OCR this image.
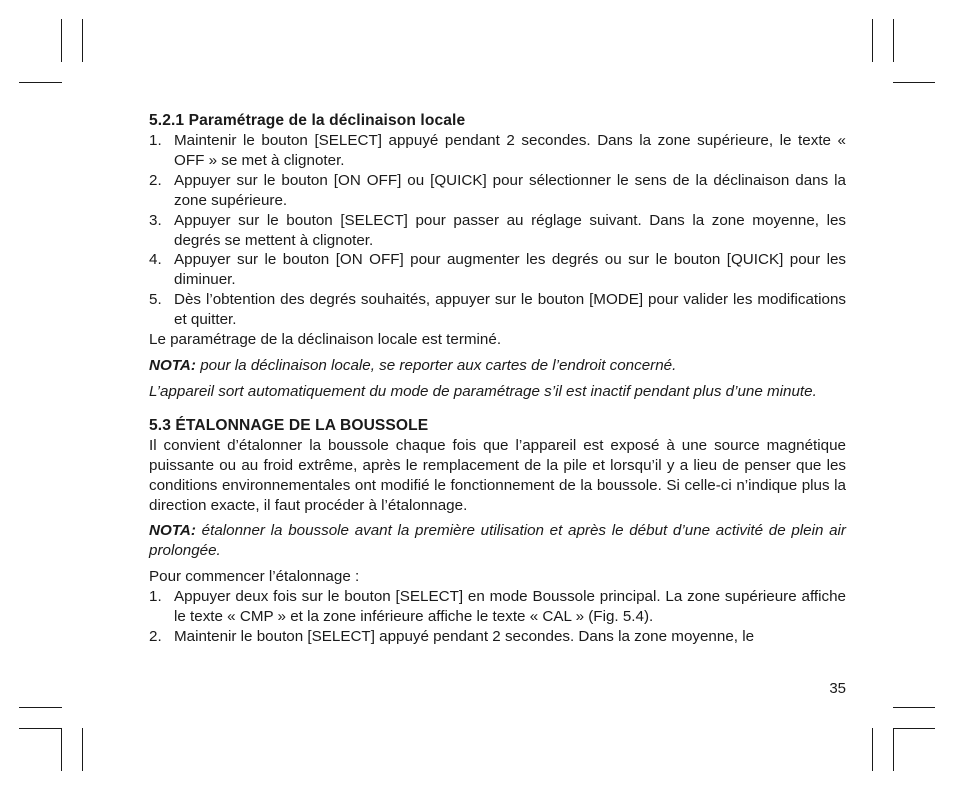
5.2.1 Paramétrage de la déclinaison locale
1. Maintenir le bouton [SELECT] appuyé pendant 2 secondes. Dans la zone supérieure, le texte « OFF » se met à clignoter.
2. Appuyer sur le bouton [ON OFF] ou [QUICK] pour sélectionner le sens de la déclinaison dans la zone supérieure.
3. Appuyer sur le bouton [SELECT] pour passer au réglage suivant. Dans la zone moyenne, les degrés se mettent à clignoter.
4. Appuyer sur le bouton [ON OFF] pour augmenter les degrés ou sur le bouton [QUICK] pour les diminuer.
5. Dès l’obtention des degrés souhaités, appuyer sur le bouton [MODE] pour valider les modifications et quitter.

Le paramétrage de la déclinaison locale est terminé.

NOTA: pour la déclinaison locale, se reporter aux cartes de l’endroit concerné.

L’appareil sort automatiquement du mode de paramétrage s’il est inactif pendant plus d’une minute.

5.3 ÉTALONNAGE DE LA BOUSSOLE

Il convient d’étalonner la boussole chaque fois que l’appareil est exposé à une source magnétique puissante ou au froid extrême, après le remplacement de la pile et lorsqu’il y a lieu de penser que les conditions environnementales ont modifié le fonctionnement de la boussole. Si celle-ci n’indique plus la direction exacte, il faut procéder à l’étalonnage.

NOTA: étalonner la boussole avant la première utilisation et après le début d’une activité de plein air prolongée.

Pour commencer l’étalonnage :

1. Appuyer deux fois sur le bouton [SELECT] en mode Boussole principal. La zone supérieure affiche le texte « CMP » et la zone inférieure affiche le texte « CAL » (Fig. 5.4).
2. Maintenir le bouton [SELECT] appuyé pendant 2 secondes. Dans la zone moyenne, le
35
